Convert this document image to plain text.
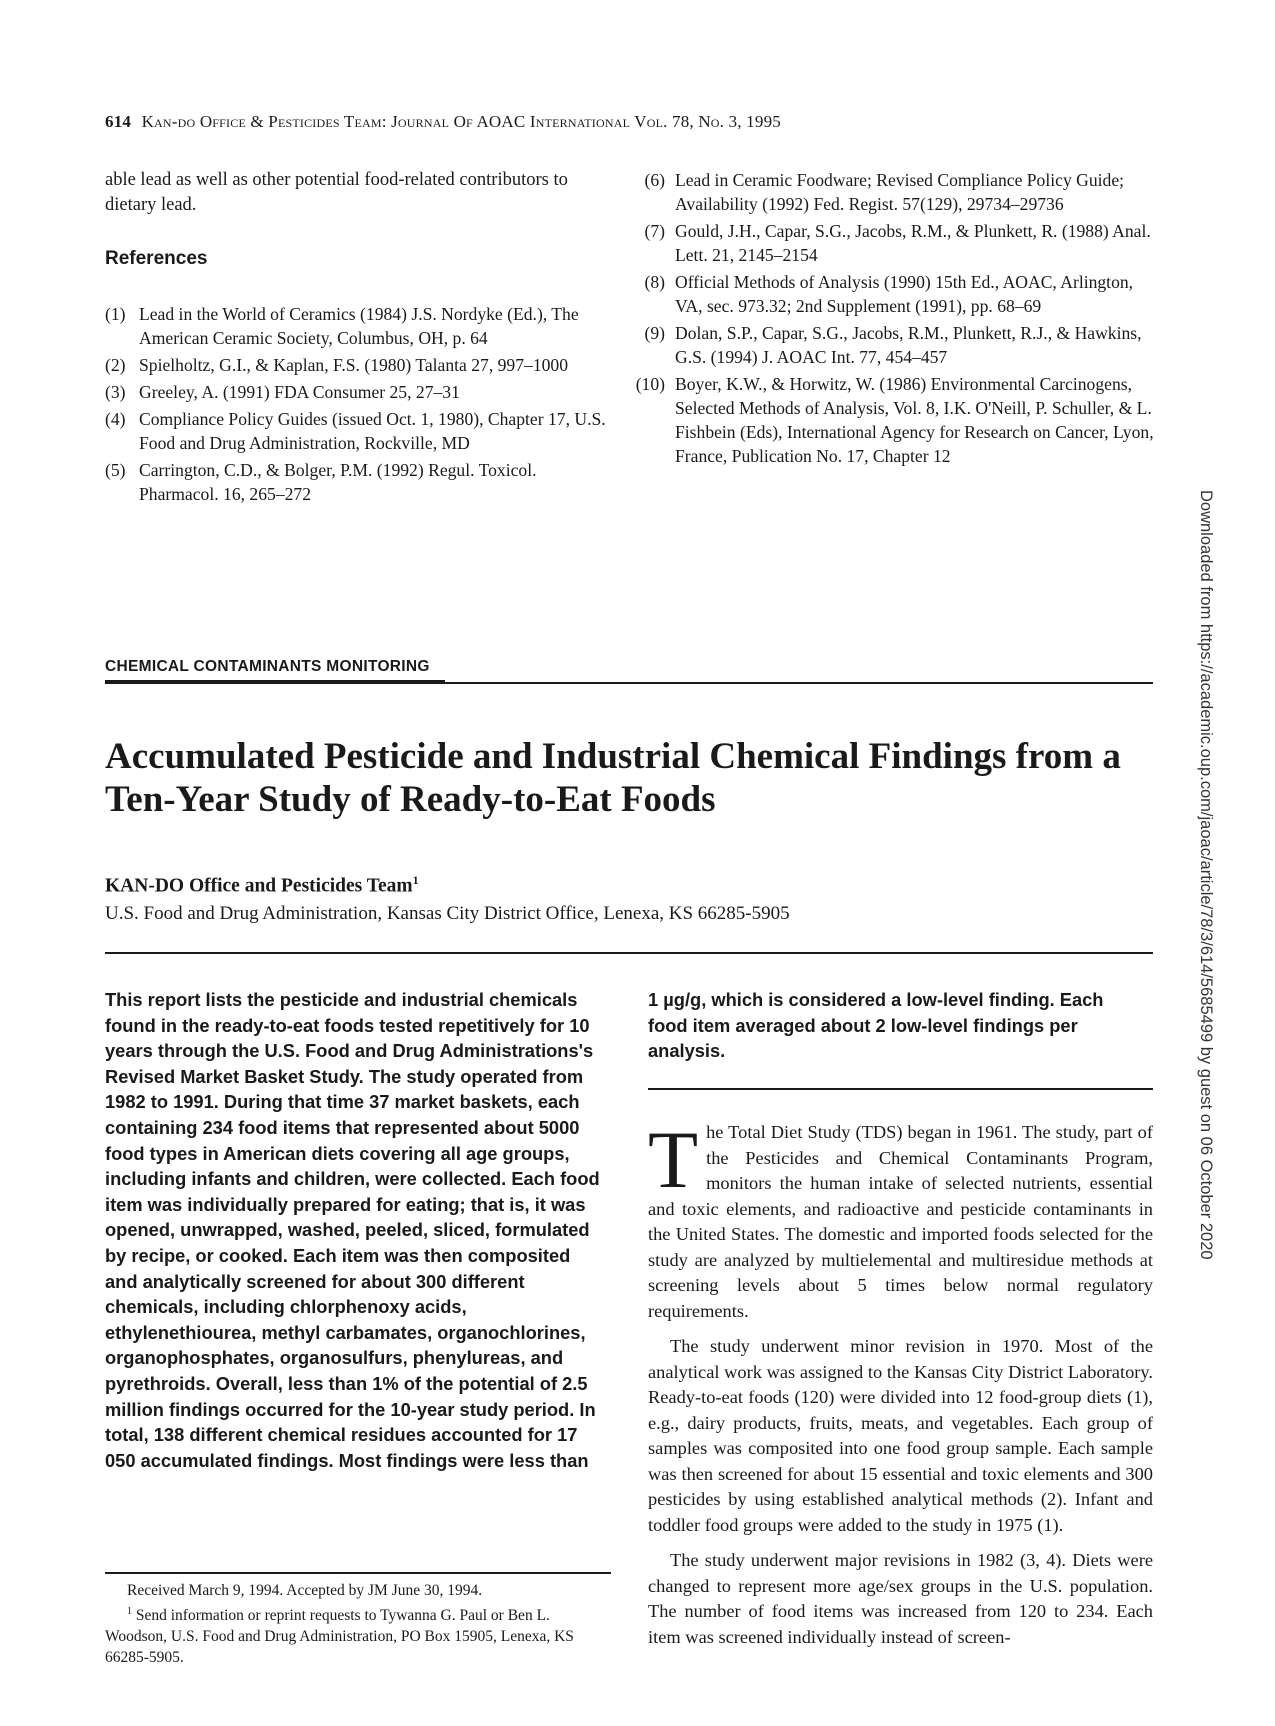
614 Kan-do Office & Pesticides Team: Journal Of AOAC International Vol. 78, No. 3, 1995
able lead as well as other potential food-related contributors to dietary lead.
References
(1) Lead in the World of Ceramics (1984) J.S. Nordyke (Ed.), The American Ceramic Society, Columbus, OH, p. 64
(2) Spielholtz, G.I., & Kaplan, F.S. (1980) Talanta 27, 997–1000
(3) Greeley, A. (1991) FDA Consumer 25, 27–31
(4) Compliance Policy Guides (issued Oct. 1, 1980), Chapter 17, U.S. Food and Drug Administration, Rockville, MD
(5) Carrington, C.D., & Bolger, P.M. (1992) Regul. Toxicol. Pharmacol. 16, 265–272
(6) Lead in Ceramic Foodware; Revised Compliance Policy Guide; Availability (1992) Fed. Regist. 57(129), 29734–29736
(7) Gould, J.H., Capar, S.G., Jacobs, R.M., & Plunkett, R. (1988) Anal. Lett. 21, 2145–2154
(8) Official Methods of Analysis (1990) 15th Ed., AOAC, Arlington, VA, sec. 973.32; 2nd Supplement (1991), pp. 68–69
(9) Dolan, S.P., Capar, S.G., Jacobs, R.M., Plunkett, R.J., & Hawkins, G.S. (1994) J. AOAC Int. 77, 454–457
(10) Boyer, K.W., & Horwitz, W. (1986) Environmental Carcinogens, Selected Methods of Analysis, Vol. 8, I.K. O'Neill, P. Schuller, & L. Fishbein (Eds), International Agency for Research on Cancer, Lyon, France, Publication No. 17, Chapter 12
Downloaded from https://academic.oup.com/jaoac/article/78/3/614/5685499 by guest on 06 October 2020
CHEMICAL CONTAMINANTS MONITORING
Accumulated Pesticide and Industrial Chemical Findings from a Ten-Year Study of Ready-to-Eat Foods
KAN-DO Office and Pesticides Team$^1$
U.S. Food and Drug Administration, Kansas City District Office, Lenexa, KS 66285-5905
This report lists the pesticide and industrial chemicals found in the ready-to-eat foods tested repetitively for 10 years through the U.S. Food and Drug Administrations's Revised Market Basket Study. The study operated from 1982 to 1991. During that time 37 market baskets, each containing 234 food items that represented about 5000 food types in American diets covering all age groups, including infants and children, were collected. Each food item was individually prepared for eating; that is, it was opened, unwrapped, washed, peeled, sliced, formulated by recipe, or cooked. Each item was then composited and analytically screened for about 300 different chemicals, including chlorphenoxy acids, ethylenethiourea, methyl carbamates, organochlorines, organophosphates, organosulfurs, phenylureas, and pyrethroids. Overall, less than 1% of the potential of 2.5 million findings occurred for the 10-year study period. In total, 138 different chemical residues accounted for 17 050 accumulated findings. Most findings were less than
1 µg/g, which is considered a low-level finding. Each food item averaged about 2 low-level findings per analysis.

The Total Diet Study (TDS) began in 1961. The study, part of the Pesticides and Chemical Contaminants Program, monitors the human intake of selected nutrients, essential and toxic elements, and radioactive and pesticide contaminants in the United States. The domestic and imported foods selected for the study are analyzed by multielemental and multiresidue methods at screening levels about 5 times below normal regulatory requirements.

The study underwent minor revision in 1970. Most of the analytical work was assigned to the Kansas City District Laboratory. Ready-to-eat foods (120) were divided into 12 food-group diets (1), e.g., dairy products, fruits, meats, and vegetables. Each group of samples was composited into one food group sample. Each sample was then screened for about 15 essential and toxic elements and 300 pesticides by using established analytical methods (2). Infant and toddler food groups were added to the study in 1975 (1).

The study underwent major revisions in 1982 (3, 4). Diets were changed to represent more age/sex groups in the U.S. population. The number of food items was increased from 120 to 234. Each item was screened individually instead of screen-

Received March 9, 1994. Accepted by JM June 30, 1994.

$^1$ Send information or reprint requests to Tywanna G. Paul or Ben L. Woodson, U.S. Food and Drug Administration, PO Box 15905, Lenexa, KS 66285-5905.
